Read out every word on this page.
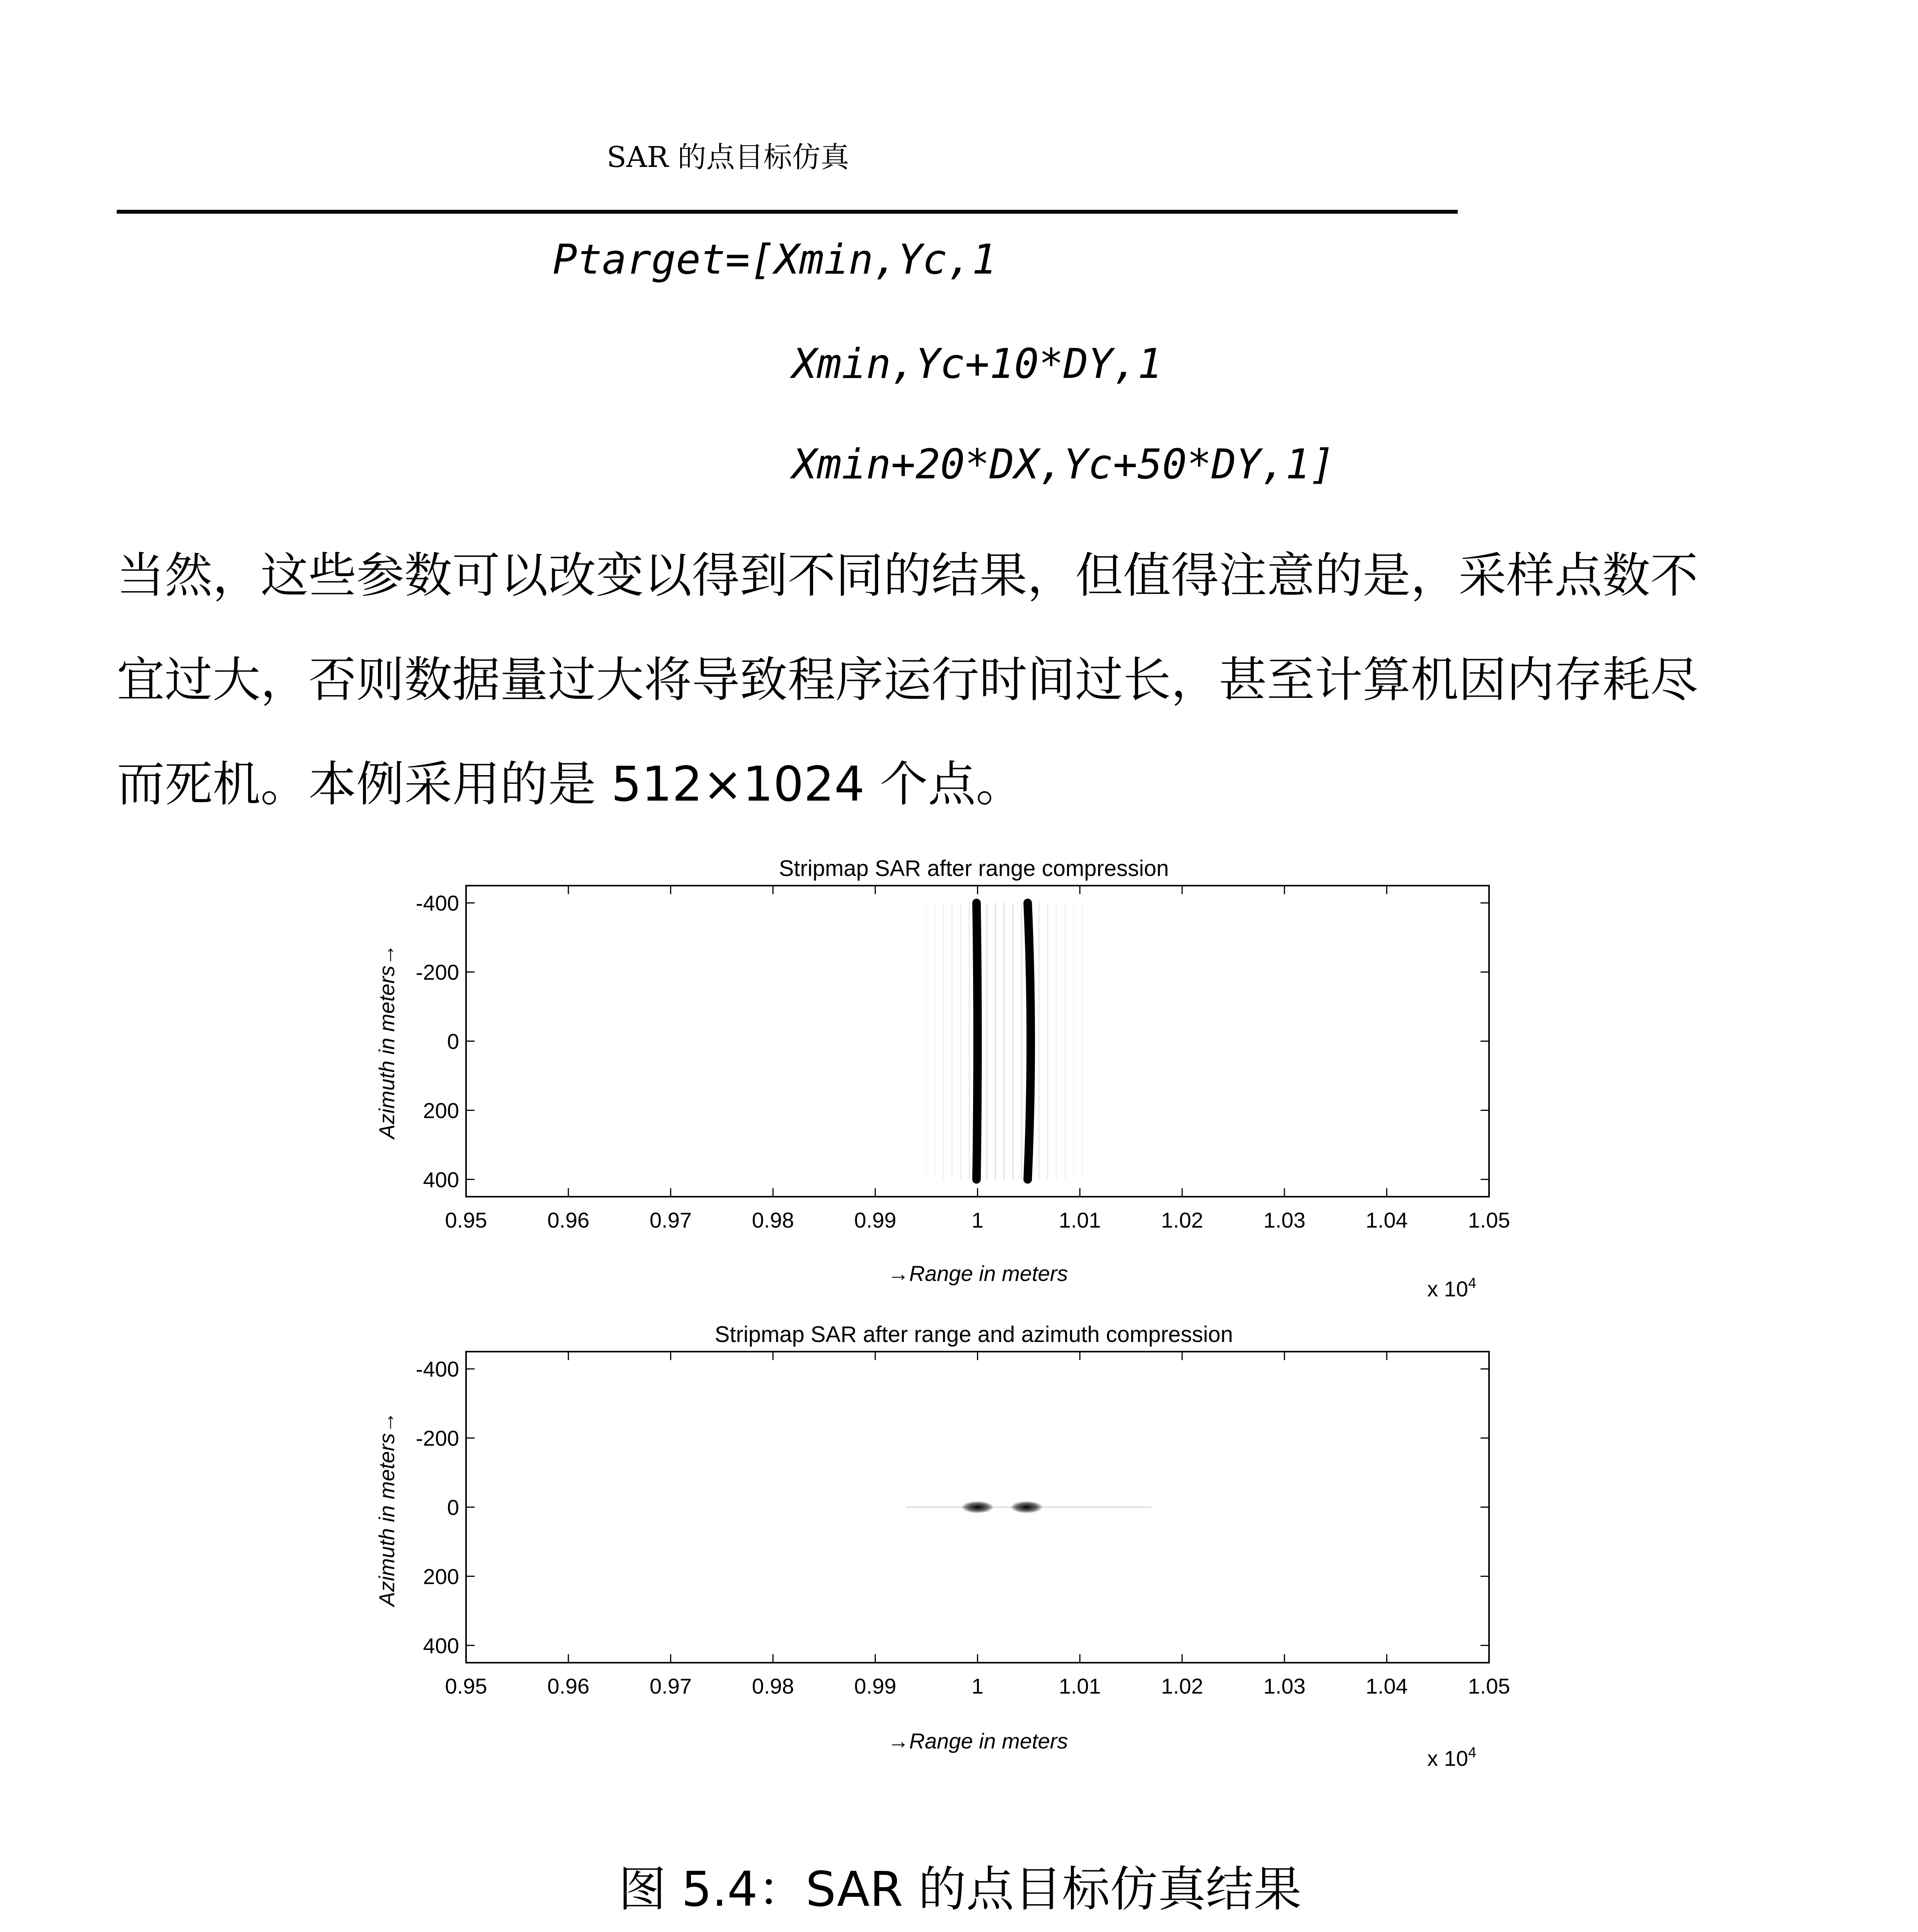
SAR 的点目标仿真
Ptarget=[Xmin,Yc,1
Xmin,Yc+10*DY,1
Xmin+20*DX,Yc+50*DY,1]
当然，这些参数可以改变以得到不同的结果，但值得注意的是，采样点数不
宜过大，否则数据量过大将导致程序运行时间过长，甚至计算机因内存耗尽
而死机。本例采用的是 512×1024 个点。
Stripmap SAR after range compression
0.95	0.96	0.97	0.98	0.99	1	1.01	1.02	1.03	1.04	1.05
-400
-200
0
200
400
→Range in meters
Azimuth in meters→
x $10^4$
Stripmap SAR after range and azimuth compression
0.95	0.96	0.97	0.98	0.99	1	1.01	1.02	1.03	1.04	1.05
-400
-200
0
200
400
→Range in meters
Azimuth in meters→
x $10^4$
图 5.4：SAR 的点目标仿真结果
